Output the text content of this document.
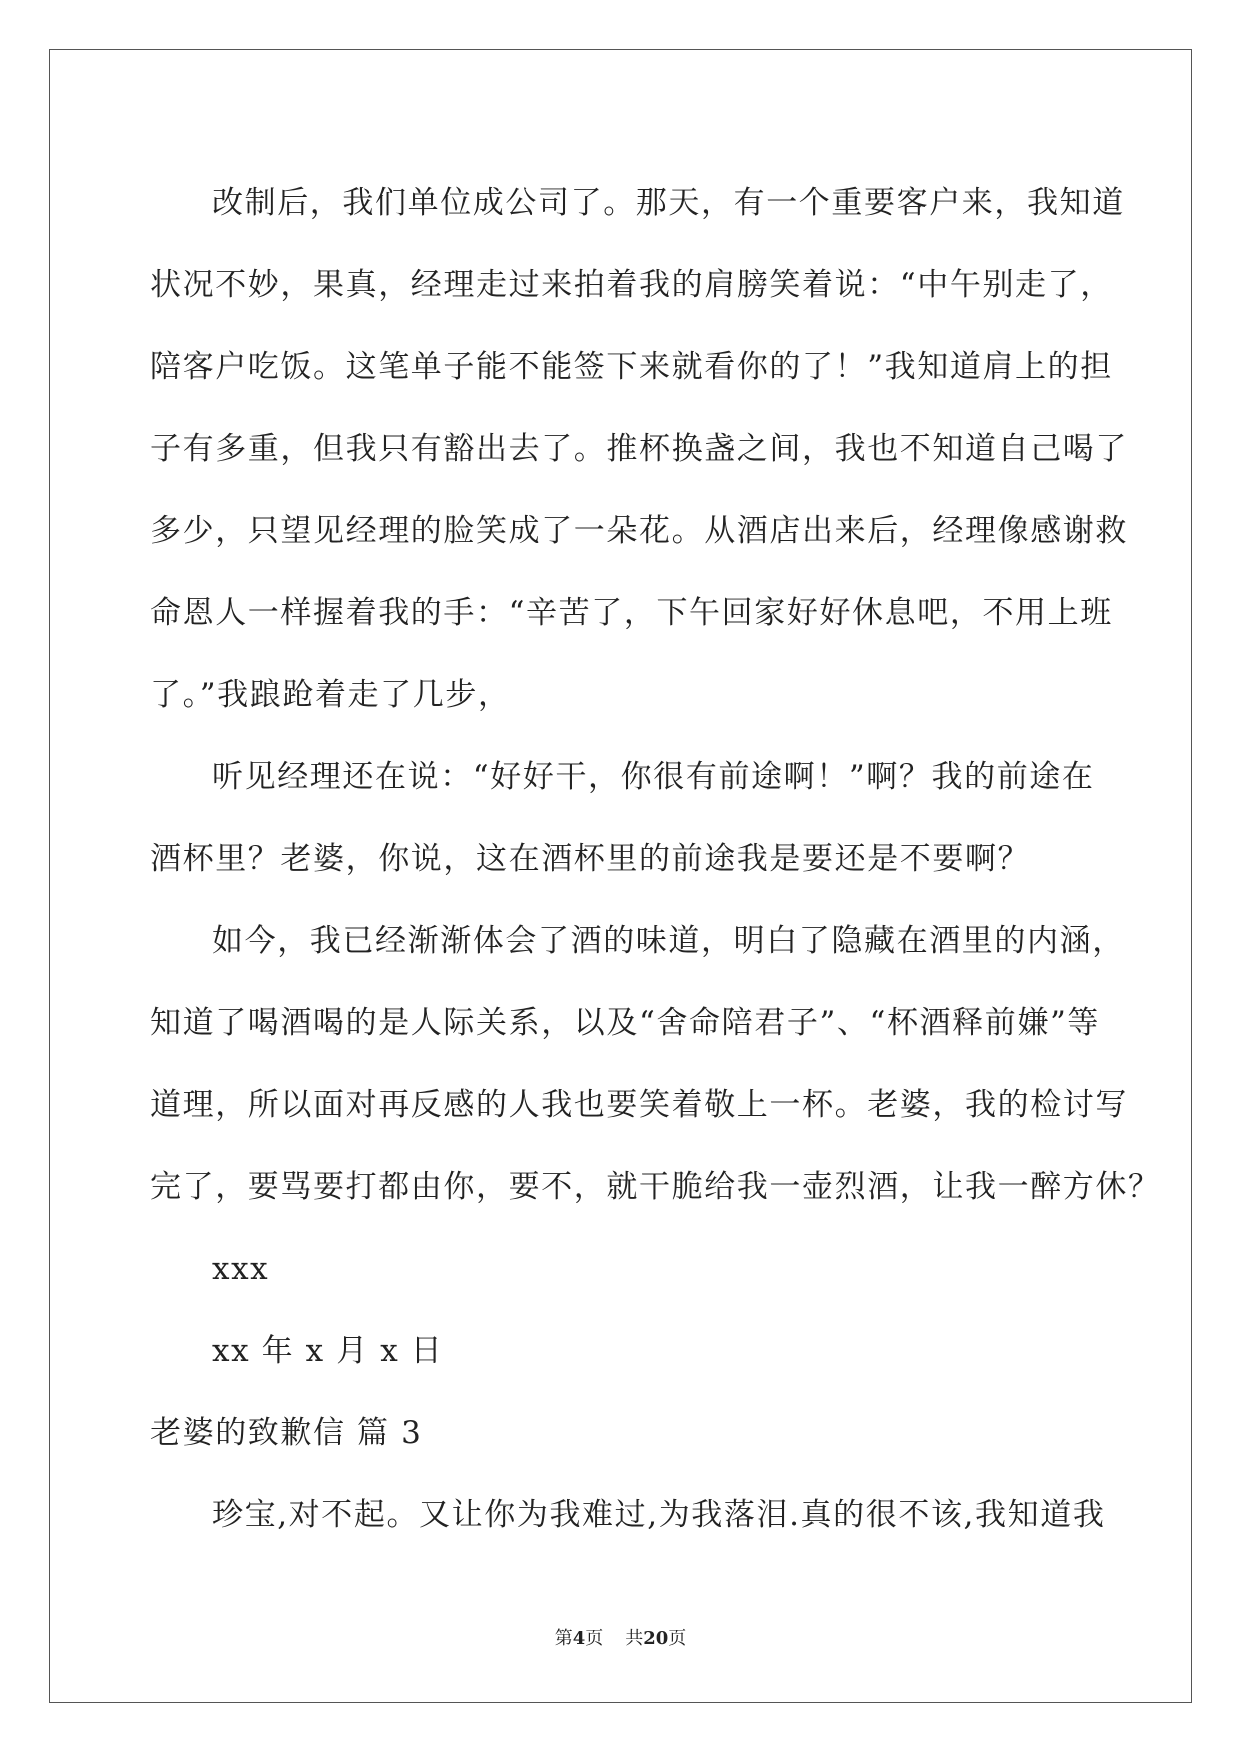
改制后，我们单位成公司了。那天，有一个重要客户来，我知道
状况不妙，果真，经理走过来拍着我的肩膀笑着说：“中午别走了，
陪客户吃饭。这笔单子能不能签下来就看你的了！”我知道肩上的担
子有多重，但我只有豁出去了。推杯换盏之间，我也不知道自己喝了
多少，只望见经理的脸笑成了一朵花。从酒店出来后，经理像感谢救
命恩人一样握着我的手：“辛苦了，下午回家好好休息吧，不用上班
了。”我踉跄着走了几步，
听见经理还在说：“好好干，你很有前途啊！”啊？我的前途在
酒杯里？老婆，你说，这在酒杯里的前途我是要还是不要啊？
如今，我已经渐渐体会了酒的味道，明白了隐藏在酒里的内涵，
知道了喝酒喝的是人际关系，以及“舍命陪君子”、“杯酒释前嫌”等
道理，所以面对再反感的人我也要笑着敬上一杯。老婆，我的检讨写
完了，要骂要打都由你，要不，就干脆给我一壶烈酒，让我一醉方休？
xxx
xx 年 x 月 x 日
老婆的致歉信 篇 3
珍宝,对不起。又让你为我难过,为我落泪.真的很不该,我知道我
第4页 共20页
